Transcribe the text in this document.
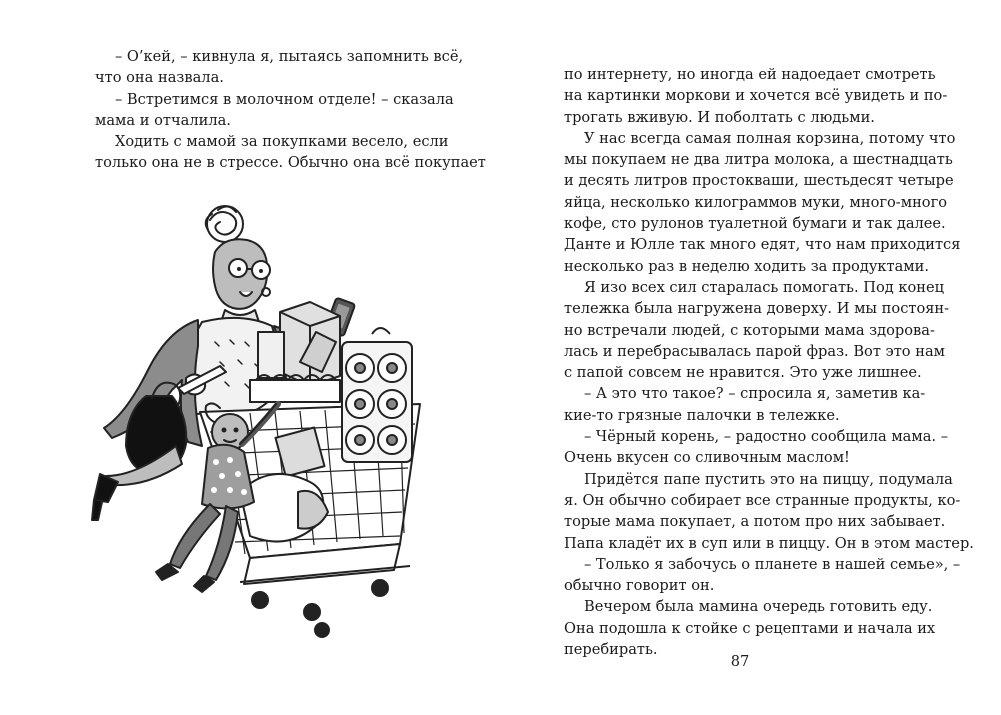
– О’кей, – кивнула я, пытаясь запомнить всё,
что она назвала.
– Встретимся в молочном отделе! – сказала
мама и отчалила.
Ходить с мамой за покупками весело, если
только она не в стрессе. Обычно она всё покупает
по интернету, но иногда ей надоедает смотреть
на картинки моркови и хочется всё увидеть и по-
трогать вживую. И поболтать с людьми.
У нас всегда самая полная корзина, потому что
мы покупаем не два литра молока, а шестнадцать
и десять литров простокваши, шестьдесят четыре
яйца, несколько килограммов муки, много-много
кофе, сто рулонов туалетной бумаги и так далее.
Данте и Юлле так много едят, что нам приходится
несколько раз в неделю ходить за продуктами.
Я изо всех сил старалась помогать. Под конец
тележка была нагружена доверху. И мы постоян-
но встречали людей, с которыми мама здорова-
лась и перебрасывалась парой фраз. Вот это нам
с папой совсем не нравится. Это уже лишнее.
– А это что такое? – спросила я, заметив ка-
кие-то грязные палочки в тележке.
– Чёрный корень, – радостно сообщила мама. –
Очень вкусен со сливочным маслом!
Придётся папе пустить это на пиццу, подумала
я. Он обычно собирает все странные продукты, ко-
торые мама покупает, а потом про них забывает.
Папа кладёт их в суп или в пиццу. Он в этом мастер.
– Только я забочусь о планете в нашей семье», –
обычно говорит он.
Вечером была мамина очередь готовить еду.
Она подошла к стойке с рецептами и начала их
перебирать.
87
